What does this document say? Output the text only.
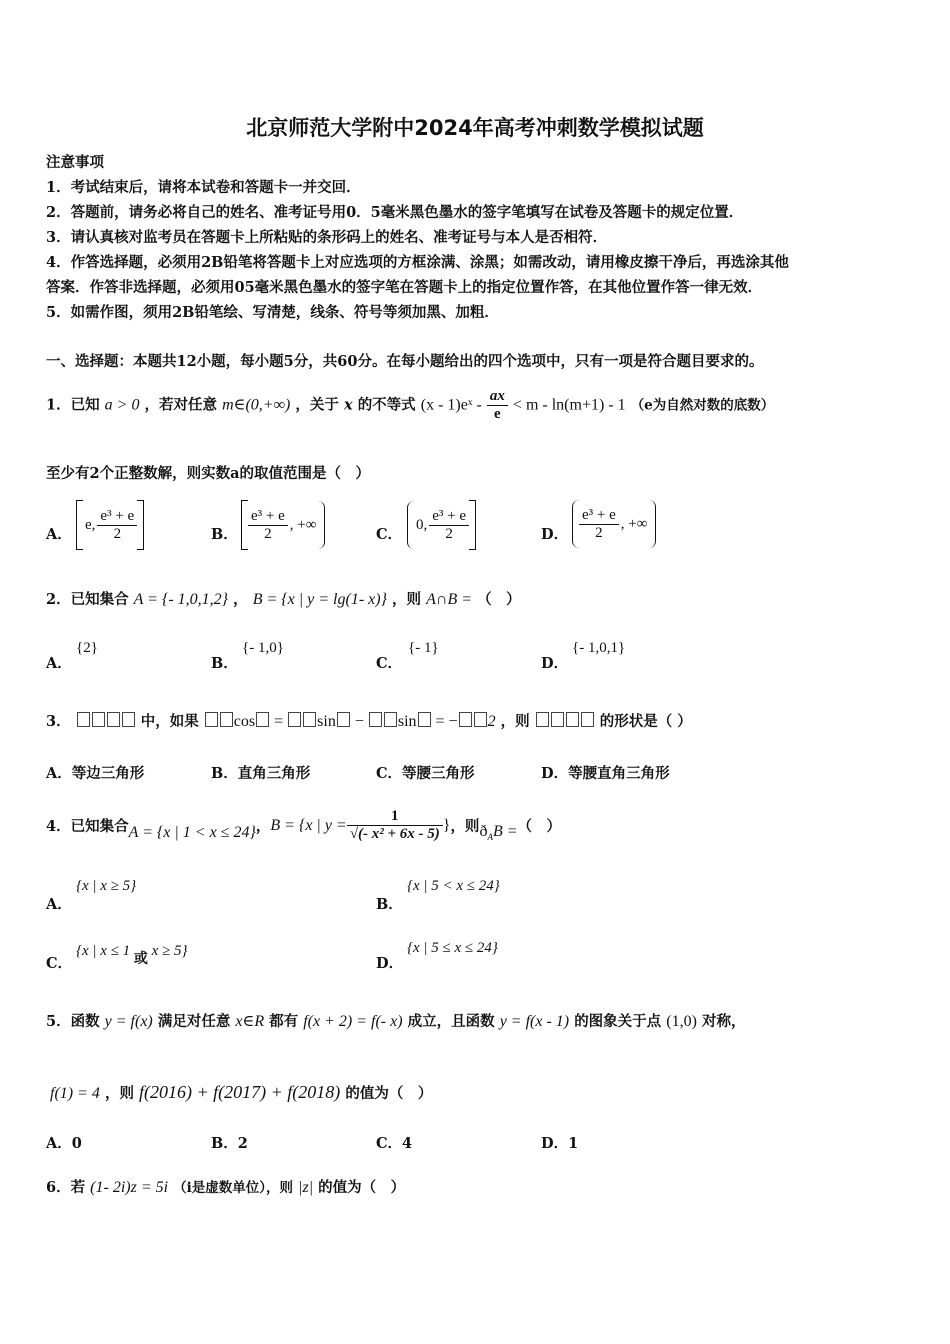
北京师范大学附中2024年高考冲刺数学模拟试题
注意事项
1．考试结束后，请将本试卷和答题卡一并交回．
2．答题前，请务必将自己的姓名、准考证号用0．5毫米黑色墨水的签字笔填写在试卷及答题卡的规定位置．
3．请认真核对监考员在答题卡上所粘贴的条形码上的姓名、准考证号与本人是否相符．
4．作答选择题，必须用2B铅笔将答题卡上对应选项的方框涂满、涂黑；如需改动，请用橡皮擦干净后，再选涂其他
答案．作答非选择题，必须用05毫米黑色墨水的签字笔在答题卡上的指定位置作答，在其他位置作答一律无效．
5．如需作图，须用2B铅笔绘、写清楚，线条、符号等须加黑、加粗．
一、选择题：本题共12小题，每小题5分，共60分。在每小题给出的四个选项中，只有一项是符合题目要求的。
1．已知 a > 0 ，若对任意 m∈(0,+∞) ，关于 x 的不等式 (x - 1)eˣ - $\frac{ax}{e} < m - \ln(m+1) - 1$ （e为自然对数的底数）
至少有2个正整数解，则实数a的取值范围是（　）
A．
e, $\frac{\text{e³ + e}}{2}$	B． $\frac{\text{e³ + e}}{2}$ , +∞
C．
0, $\frac{\text{e³ + e}}{2}$	D． $\frac{\text{e³ + e}}{2}$ , +∞
2．已知集合 A = {- 1,0,1,2} ， B = {x | y = lg(1- x)} ，则 A∩B = （　）
A．
{2}
B．
{- 1,0}
C．
{- 1}
D．
{- 1,0,1}
3．	中，如果 cos = sin − sin = − 2 ，则	的形状是（ ）
A．等边三角形	B．直角三角形	C．等腰三角形	D．等腰直角三角形
4．已知集合 A = {x | 1 < x ≤ 24} ， B = {x | $y = \frac{1}{\text{√(- x² + 6x - 5)}}$ } ，则 $ð_AB$ = （　）
A．
{x | x ≥ 5}
B．
{x | 5 < x ≤ 24}
C．
{x | x ≤ 1 或 x ≥ 5}
D．
{x | 5 ≤ x ≤ 24}
5．函数 y = f(x) 满足对任意 x∈R 都有 f(x + 2) = f(- x) 成立，且函数 y = f(x - 1) 的图象关于点 (1,0) 对称，
f(1) = 4 ，则 f(2016) + f(2017) + f(2018) 的值为（　）
A．0	B．2	C．4	D．1
6．若 (1- 2i)z = 5i （i是虚数单位），则 |z| 的值为（　）
